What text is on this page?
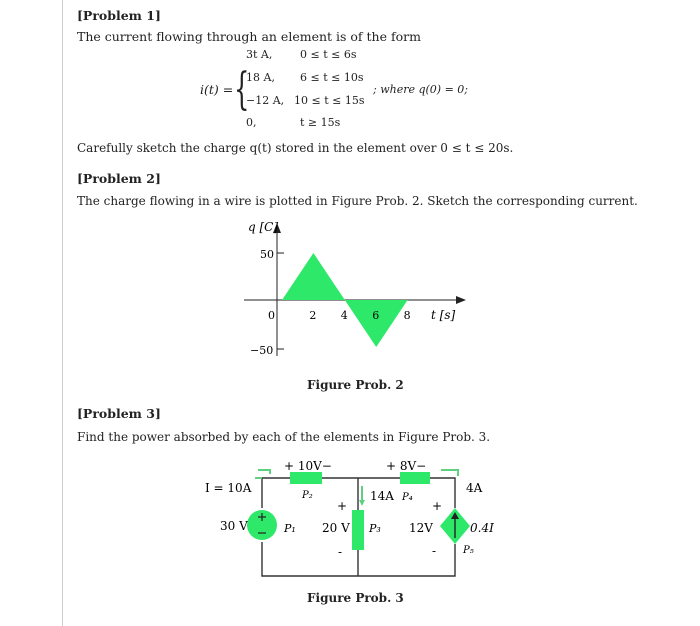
[Problem 1]
The current flowing through an element is of the form
i(t) = {
3t A,	0 ≤ t ≤ 6s
18 A, 6 ≤ t ≤ 10s
−12 A, 10 ≤ t ≤ 15s
0,	t ≥ 15s
; where q(0) = 0;
Carefully sketch the charge q(t) stored in the element over 0 ≤ t ≤ 20s.
[Problem 2]
The charge flowing in a wire is plotted in Figure Prob. 2. Sketch the corresponding current.
0	2 4 6 8
q [C]
t [s]
50
−50
Figure Prob. 2
[Problem 3]
Find the power absorbed by each of the elements in Figure Prob. 3.
I = 10A
30 V	P₁
+ 10V−
P₂
+
20 V
-
P₃
14A
+ 8V−
P₄
4A
+
12V
-
0.4I
P₅
Figure Prob. 3
